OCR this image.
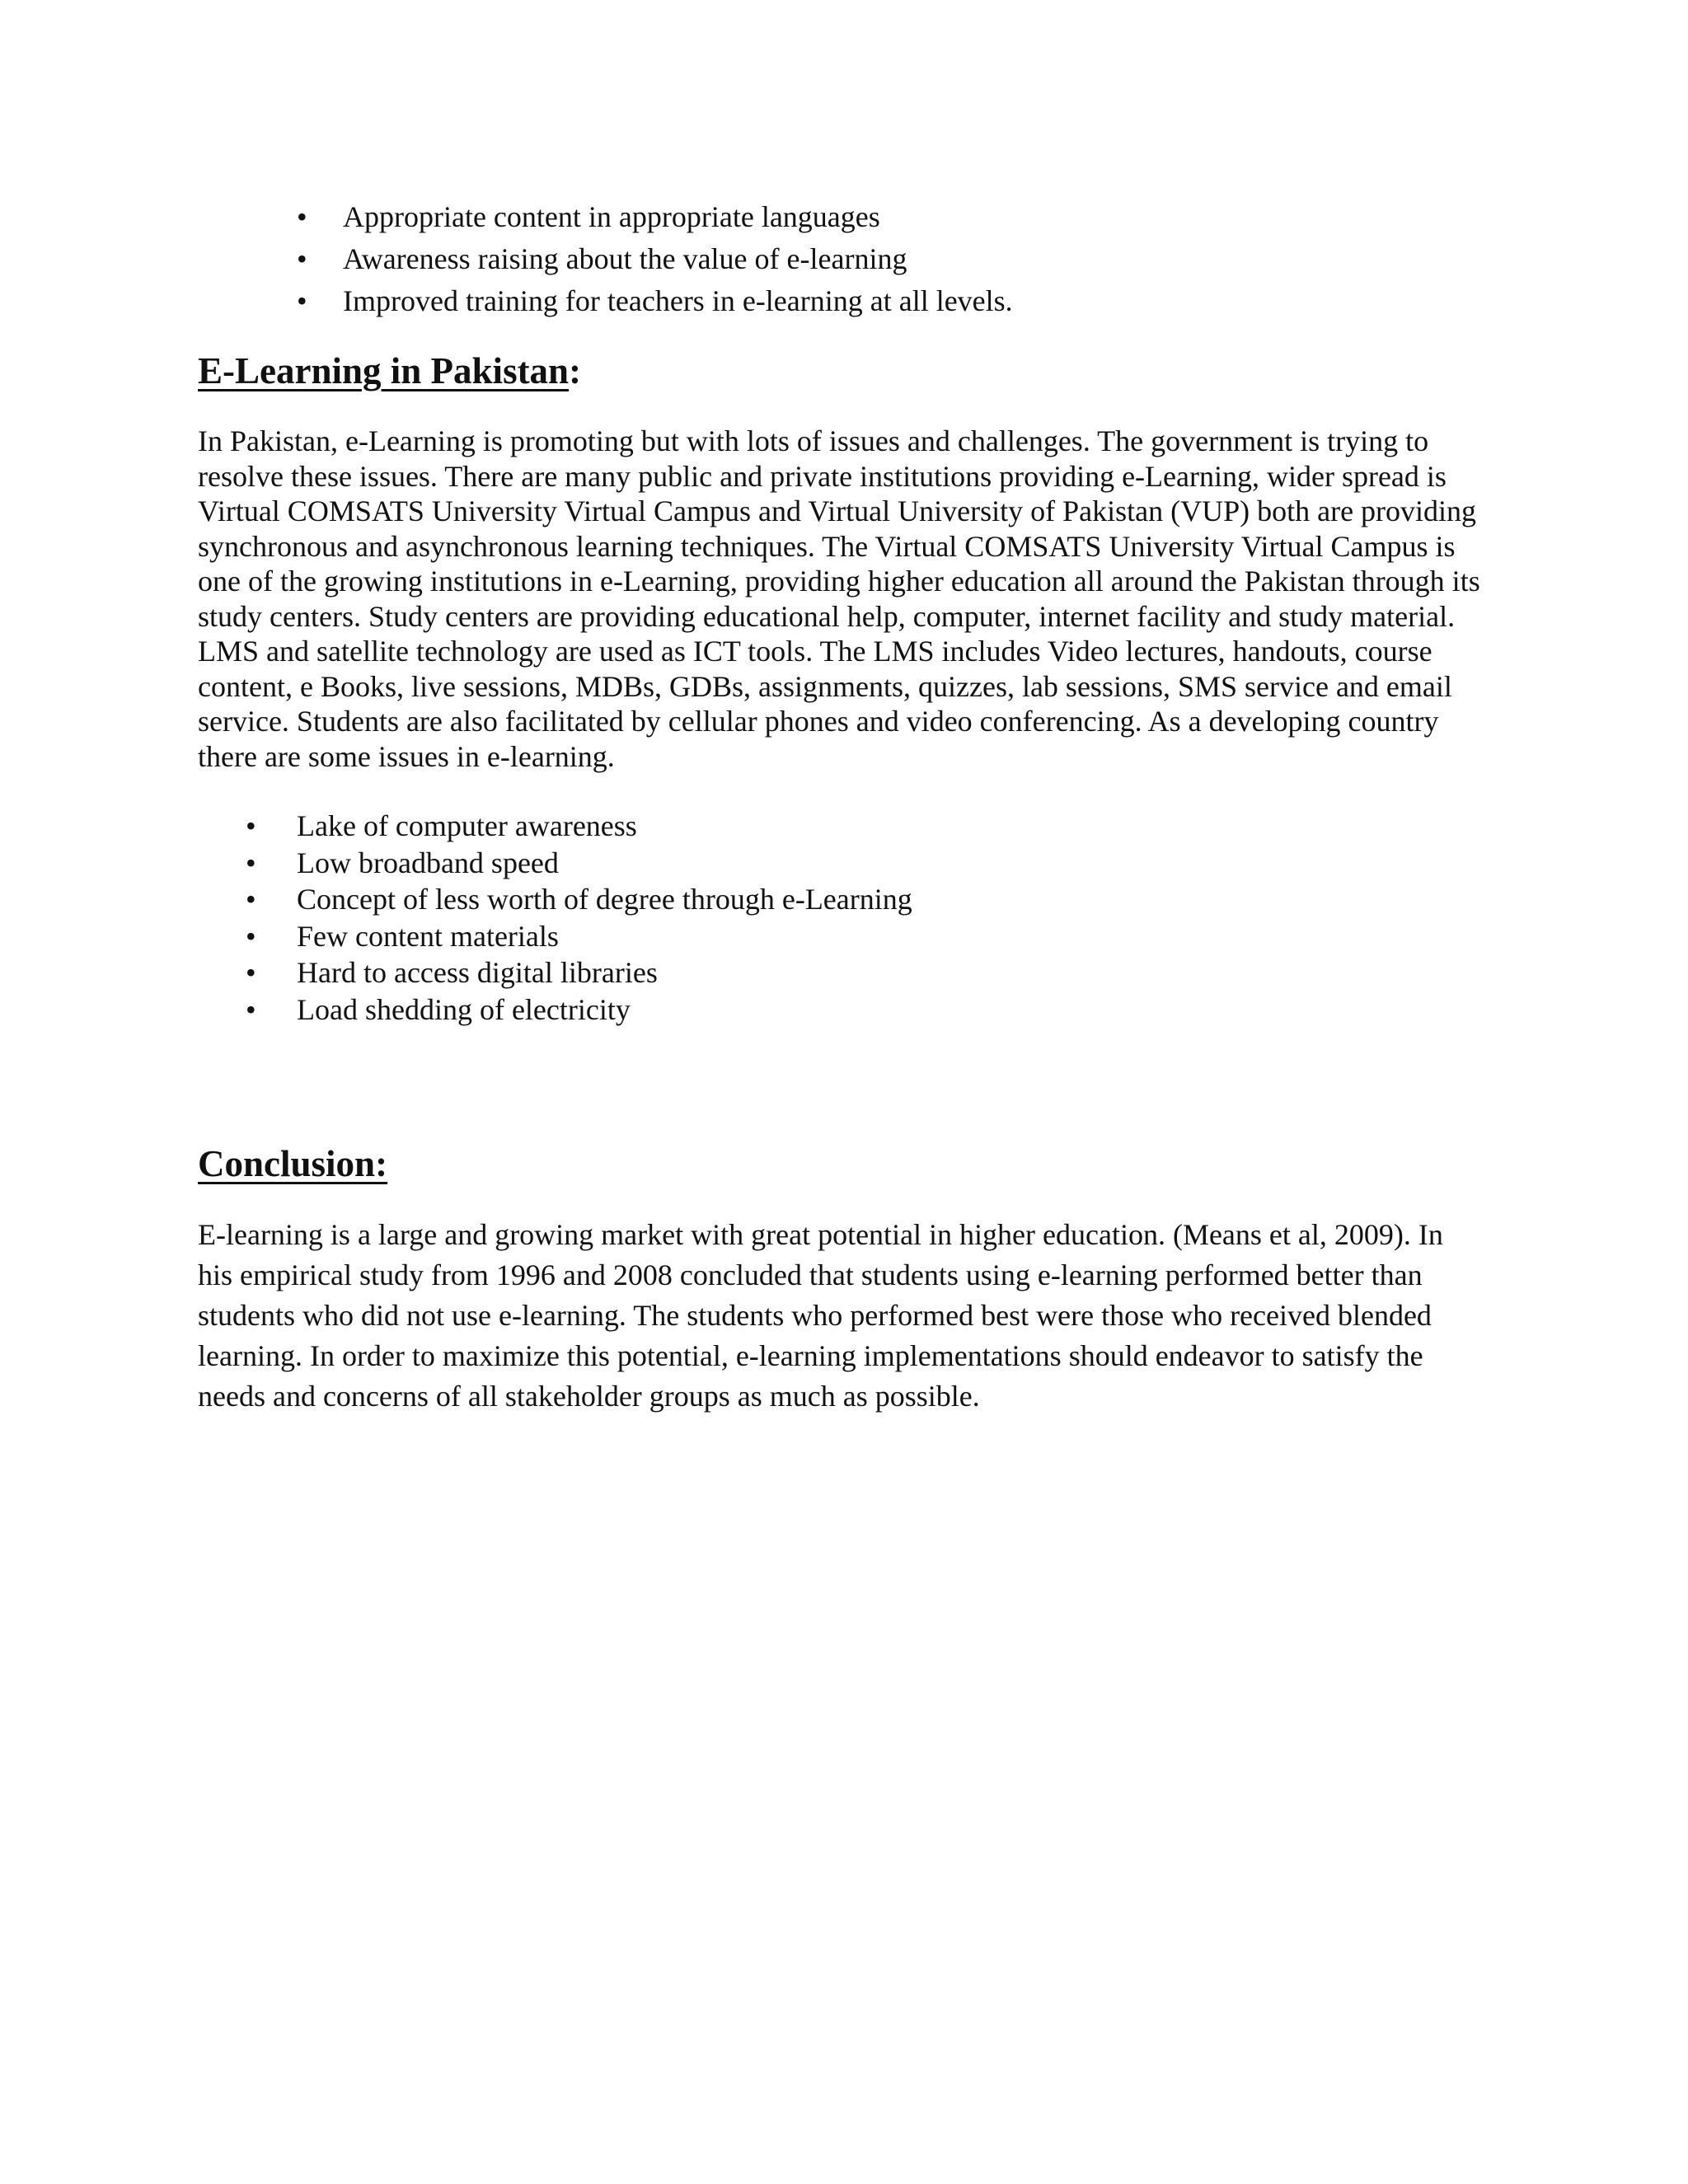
• Appropriate content in appropriate languages
• Awareness raising about the value of e-learning
• Improved training for teachers in e-learning at all levels.
E-Learning in Pakistan:

In Pakistan, e-Learning is promoting but with lots of issues and challenges. The government is trying to resolve these issues. There are many public and private institutions providing e-Learning, wider spread is Virtual COMSATS University Virtual Campus and Virtual University of Pakistan (VUP) both are providing synchronous and asynchronous learning techniques. The Virtual COMSATS University Virtual Campus is one of the growing institutions in e-Learning, providing higher education all around the Pakistan through its study centers. Study centers are providing educational help, computer, internet facility and study material. LMS and satellite technology are used as ICT tools. The LMS includes Video lectures, handouts, course content, e Books, live sessions, MDBs, GDBs, assignments, quizzes, lab sessions, SMS service and email service. Students are also facilitated by cellular phones and video conferencing. As a developing country there are some issues in e-learning.

• Lake of computer awareness
• Low broadband speed
• Concept of less worth of degree through e-Learning
• Few content materials
• Hard to access digital libraries
• Load shedding of electricity
Conclusion:

E-learning is a large and growing market with great potential in higher education. (Means et al, 2009). In his empirical study from 1996 and 2008 concluded that students using e-learning performed better than students who did not use e-learning. The students who performed best were those who received blended learning. In order to maximize this potential, e-learning implementations should endeavor to satisfy the needs and concerns of all stakeholder groups as much as possible.
